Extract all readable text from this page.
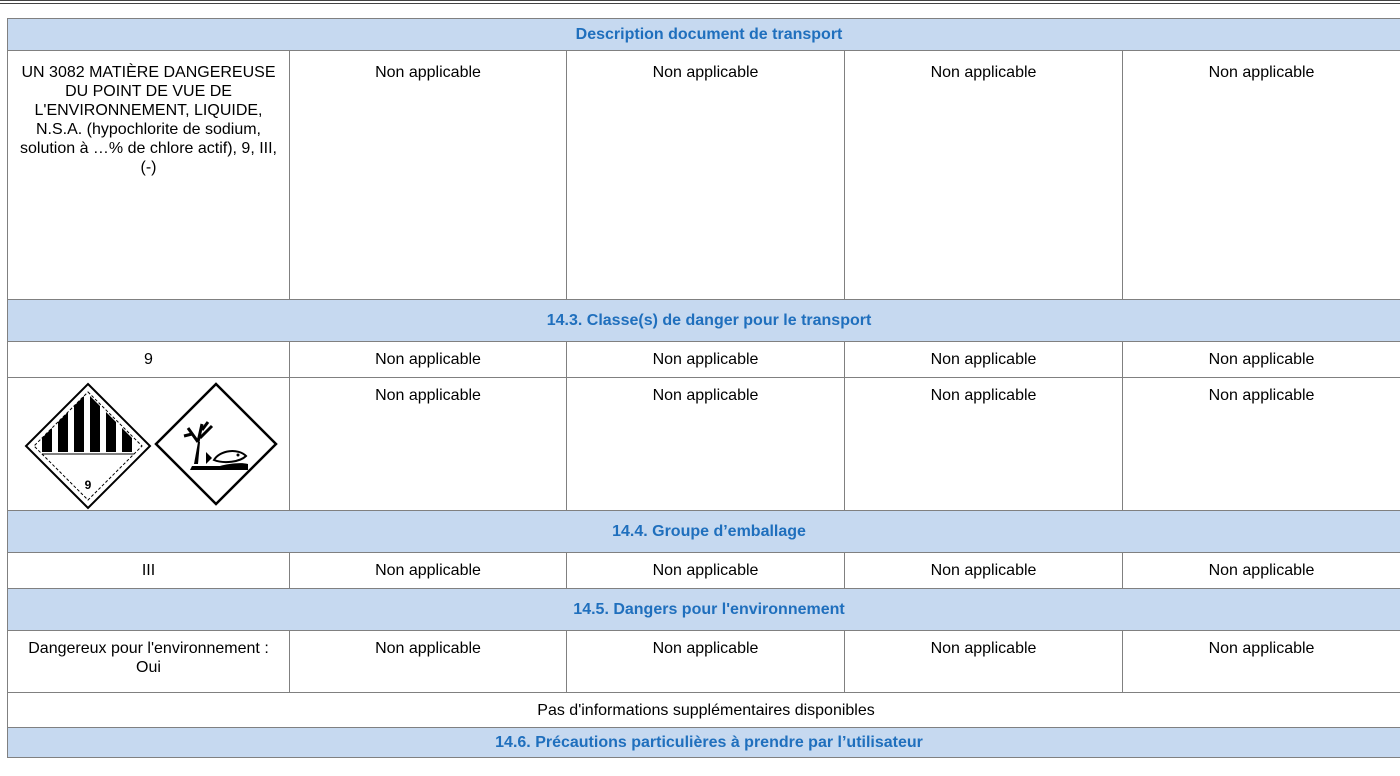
Description document de transport				

UN 3082 MATIÈRE DANGEREUSE DU POINT DE VUE DE L'ENVIRONNEMENT, LIQUIDE, N.S.A. (hypochlorite de sodium, solution à …% de chlore actif), 9, III, (-)	Non applicable	Non applicable	Non applicable	Non applicable
14.3. Classe(s) de danger pour le transport				
9	Non applicable	Non applicable	Non applicable	Non applicable

9	Non applicable	Non applicable	Non applicable	Non applicable
14.4. Groupe d’emballage				
III	Non applicable	Non applicable	Non applicable	Non applicable
14.5. Dangers pour l'environnement				

Dangereux pour l'environnement : Oui	Non applicable	Non applicable	Non applicable	Non applicable
Pas d'informations supplémentaires disponibles				
14.6. Précautions particulières à prendre par l’utilisateur				
